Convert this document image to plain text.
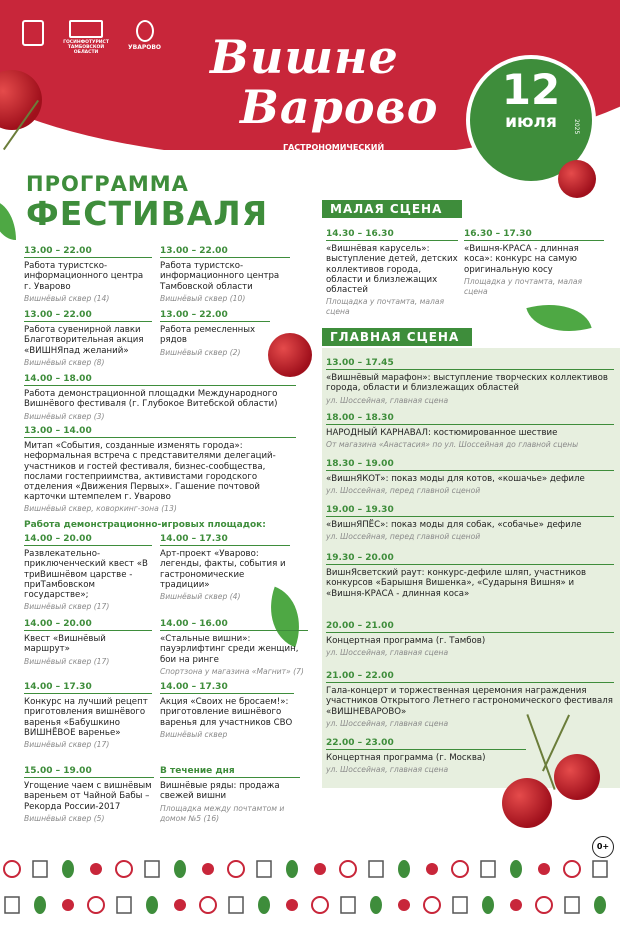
ГОСИНФОТУРИСТ ТАМБОВСКОЙ ОБЛАСТИ
УВАРОВО Вишне
Варово
ГАСТРОНОМИЧЕСКИЙ ФЕСТИВАЛЬ
12
июля	2025
ПРОГРАММА
ФЕСТИВАЛЯ
13.00 – 22.00
Работа туристско-информационного центра г. Уварово
Вишнёвый сквер (14)
13.00 – 22.00
Работа туристско-информационного центра Тамбовской области
Вишнёвый сквер (10)
13.00 – 22.00
Работа сувенирной лавки Благотворительная акция «ВИШНЯпад желаний»
Вишнёвый сквер (8)
13.00 – 22.00
Работа ремесленных рядов
Вишнёвый сквер (2)
14.00 – 18.00
Работа демонстрационной площадки Международного Вишнёвого фестиваля (г. Глубокое Витебской области)
Вишнёвый сквер (3)
13.00 – 14.00
Митап «События, созданные изменять города»: неформальная встреча с представителями делегаций-участников и гостей фестиваля, бизнес-сообщества, послами гостеприимства, активистами городского отделения «Движения Первых». Гашение почтовой карточки штемпелем г. Уварово
Вишнёвый сквер, коворкинг-зона (13)
Работа демонстрационно-игровых площадок:
14.00 – 20.00
Развлекательно-приключенческий квест «В триВишнёвом царстве - приТамбовском государстве»;
Вишнёвый сквер (17)
14.00 – 17.30
Арт-проект «Уварово: легенды, факты, события и гастрономические традиции»
Вишнёвый сквер (4)
14.00 – 20.00
Квест «Вишнёвый маршрут»
Вишнёвый сквер (17)
14.00 – 16.00
«Стальные вишни»: пауэрлифтинг среди женщин, бои на ринге
Спортзона у магазина «Магнит» (7)
14.00 – 17.30
Конкурс на лучший рецепт приготовления вишнёвого варенья «Бабушкино ВИШНЁВОЕ варенье»
Вишнёвый сквер (17)
14.00 – 17.30
Акция «Своих не бросаем!»: приготовление вишнёвого варенья для участников СВО
Вишнёвый сквер
15.00 – 19.00
Угощение чаем с вишнёвым вареньем от Чайной Бабы – Рекорда России-2017
Вишнёвый сквер (5)
В течение дня
Вишнёвые ряды: продажа свежей вишни
Площадка между почтамтом и домом №5 (16)
МАЛАЯ СЦЕНА
14.30 – 16.30
«Вишнёвая карусель»: выступление детей, детских коллективов города, области и близлежащих областей
Площадка у почтамта, малая сцена
16.30 – 17.30
«Вишня-КРАСА - длинная коса»: конкурс на самую оригинальную косу
Площадка у почтамта, малая сцена
ГЛАВНАЯ СЦЕНА
13.00 – 17.45
«Вишнёвый марафон»: выступление творческих коллективов города, области и близлежащих областей
ул. Шоссейная, главная сцена
18.00 – 18.30
НАРОДНЫЙ КАРНАВАЛ: костюмированное шествие
От магазина «Анастасия» по ул. Шоссейная до главной сцены
18.30 – 19.00
«ВишнЯКОТ»: показ моды для котов, «кошачье» дефиле
ул. Шоссейная, перед главной сценой
19.00 – 19.30
«ВишнЯПЁС»: показ моды для собак, «собачье» дефиле
ул. Шоссейная, перед главной сценой
19.30 – 20.00
ВишнЯсветский раут: конкурс-дефиле шляп, участников конкурсов «Барышня Вишенка», «Сударыня Вишня» и «Вишня-КРАСА - длинная коса»
20.00 – 21.00
Концертная программа (г. Тамбов)
ул. Шоссейная, главная сцена
21.00 – 22.00
Гала-концерт и торжественная церемония награждения участников Открытого Летнего гастрономического фестиваля «ВИШНЕВАРОВО»
ул. Шоссейная, главная сцена
22.00 – 23.00
Концертная программа (г. Москва)
ул. Шоссейная, главная сцена
0+
